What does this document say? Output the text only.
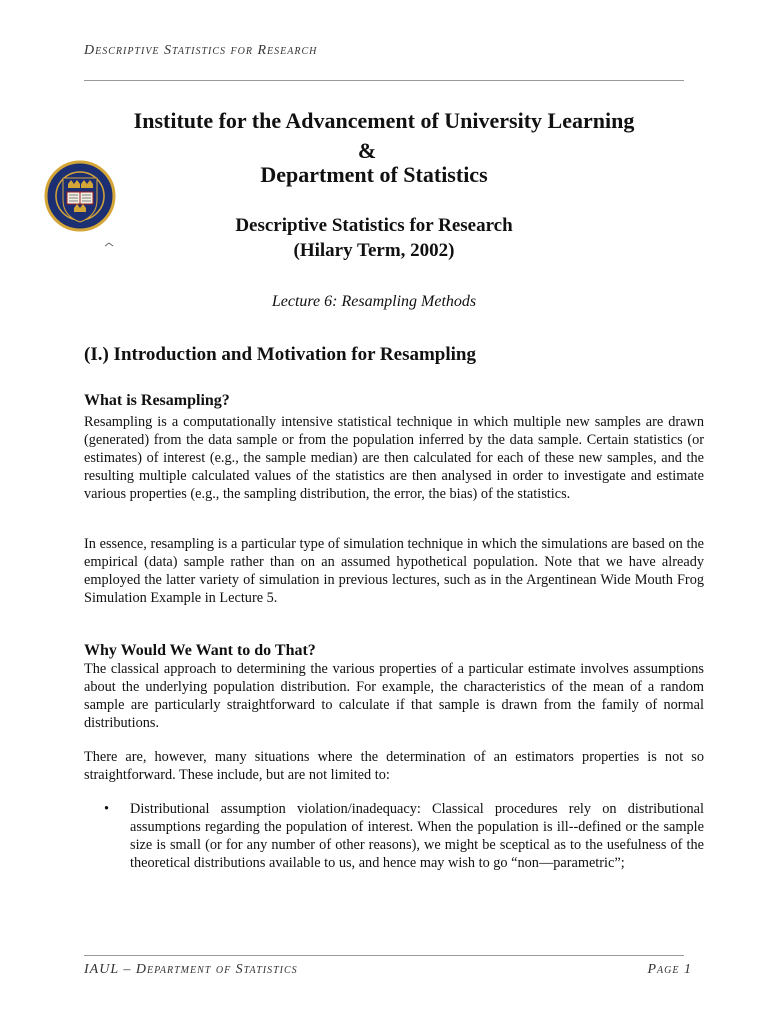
Descriptive Statistics for Research
Institute for the Advancement of University Learning
&
Department of Statistics
Descriptive Statistics for Research
(Hilary Term, 2002)
Lecture 6: Resampling Methods
(I.) Introduction and Motivation for Resampling
What is Resampling?

Resampling is a computationally intensive statistical technique in which multiple new samples are drawn (generated) from the data sample or from the population inferred by the data sample. Certain statistics (or estimates) of interest (e.g., the sample median) are then calculated for each of these new samples, and the resulting multiple calculated values of the statistics are then analysed in order to investigate and estimate various properties (e.g., the sampling distribution, the error, the bias) of the statistics.

In essence, resampling is a particular type of simulation technique in which the simulations are based on the empirical (data) sample rather than on an assumed hypothetical population. Note that we have already employed the latter variety of simulation in previous lectures, such as in the Argentinean Wide Mouth Frog Simulation Example in Lecture 5.

Why Would We Want to do That?

The classical approach to determining the various properties of a particular estimate involves assumptions about the underlying population distribution. For example, the characteristics of the mean of a random sample are particularly straightforward to calculate if that sample is drawn from the family of normal distributions.

There are, however, many situations where the determination of an estimators properties is not so straightforward. These include, but are not limited to:

• Distributional assumption violation/inadequacy: Classical procedures rely on distributional assumptions regarding the population of interest. When the population is ill--defined or the sample size is small (or for any number of other reasons), we might be sceptical as to the usefulness of the theoretical distributions available to us, and hence may wish to go “non—parametric”;
IAUL – Department of Statistics	Page 1
